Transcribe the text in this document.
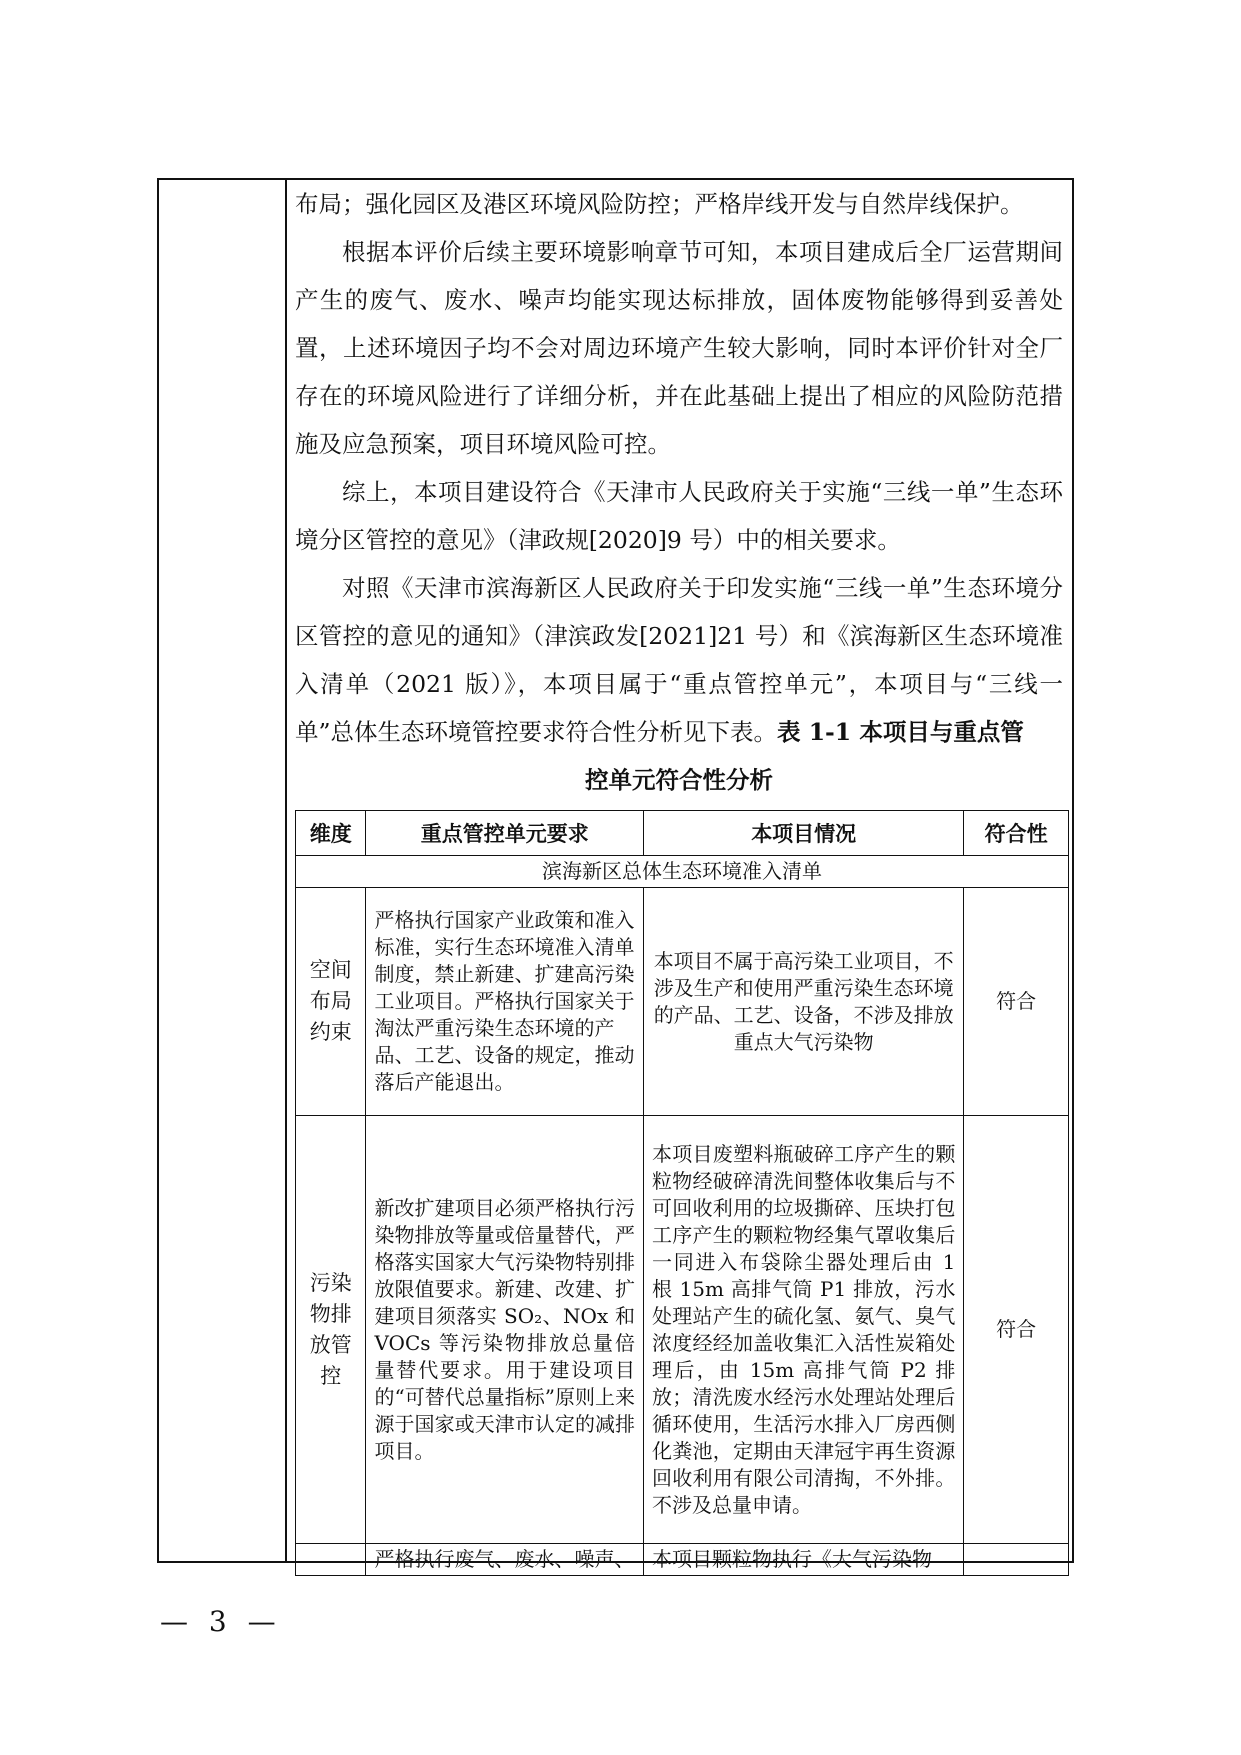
布局；强化园区及港区环境风险防控；严格岸线开发与自然岸线保护。

根据本评价后续主要环境影响章节可知，本项目建成后全厂运营期间产生的废气、废水、噪声均能实现达标排放，固体废物能够得到妥善处置，上述环境因子均不会对周边环境产生较大影响，同时本评价针对全厂存在的环境风险进行了详细分析，并在此基础上提出了相应的风险防范措施及应急预案，项目环境风险可控。

综上，本项目建设符合《天津市人民政府关于实施“三线一单”生态环境分区管控的意见》（津政规[2020]9 号）中的相关要求。

对照《天津市滨海新区人民政府关于印发实施“三线一单”生态环境分区管控的意见的通知》（津滨政发[2021]21 号）和《滨海新区生态环境准入清单（2021 版）》，本项目属于“重点管控单元”，本项目与“三线一单”总体生态环境管控要求符合性分析见下表。表 1-1 本项目与重点管

控单元符合性分析

维度	重点管控单元要求	本项目情况	符合性
滨海新区总体生态环境准入清单			
空间布局约束	严格执行国家产业政策和准入标准，实行生态环境准入清单制度，禁止新建、扩建高污染工业项目。严格执行国家关于淘汰严重污染生态环境的产品、工艺、设备的规定，推动落后产能退出。	本项目不属于高污染工业项目，不涉及生产和使用严重污染生态环境的产品、工艺、设备，不涉及排放重点大气污染物	符合
污染物排放管控	新改扩建项目必须严格执行污染物排放等量或倍量替代，严格落实国家大气污染物特别排放限值要求。新建、改建、扩建项目须落实 SO₂、NOx 和 VOCs 等污染物排放总量倍量替代要求。用于建设项目的“可替代总量指标”原则上来源于国家或天津市认定的减排项目。	本项目废塑料瓶破碎工序产生的颗粒物经破碎清洗间整体收集后与不可回收利用的垃圾撕碎、压块打包工序产生的颗粒物经集气罩收集后一同进入布袋除尘器处理后由 1 根 15m 高排气筒 P1 排放，污水处理站产生的硫化氢、氨气、臭气浓度经经加盖收集汇入活性炭箱处理后，由 15m 高排气筒 P2 排放；清洗废水经污水处理站处理后循环使用，生活污水排入厂房西侧化粪池，定期由天津冠宇再生资源回收利用有限公司清掏，不外排。不涉及总量申请。	符合
	严格执行废气、废水、噪声、	本项目颗粒物执行《大气污染物	
— 3 —
